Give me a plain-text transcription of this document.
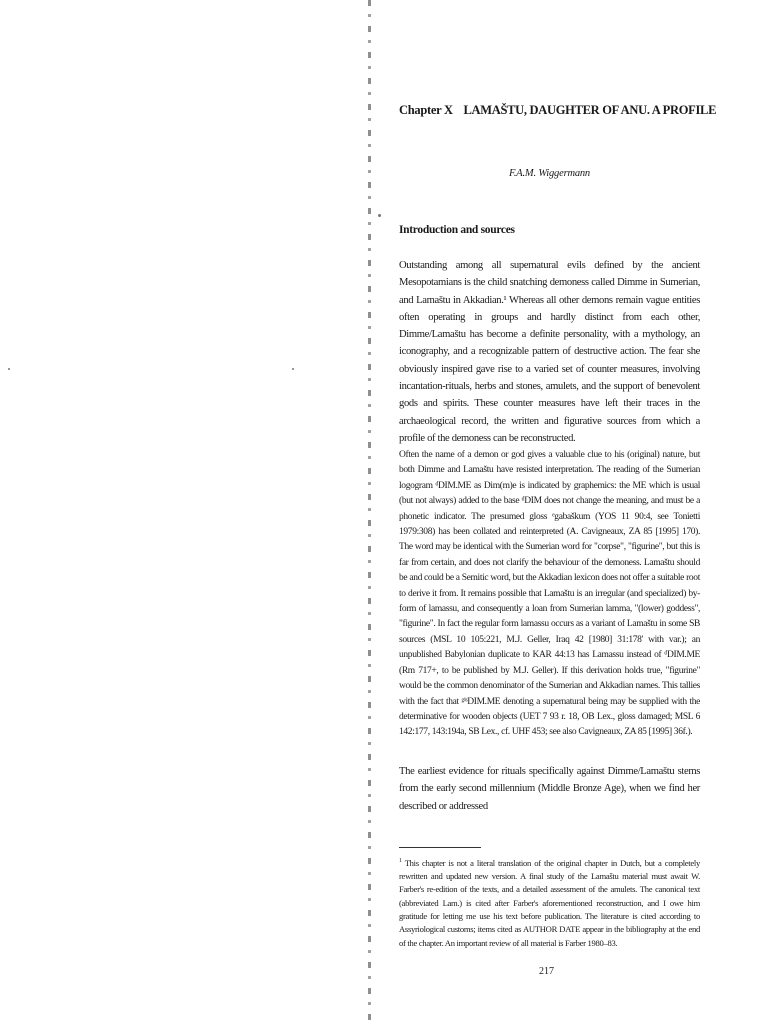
Chapter X LAMAŠTU, DAUGHTER OF ANU. A PROFILE
F.A.M. Wiggermann
Introduction and sources

Outstanding among all supernatural evils defined by the ancient Mesopotamians is the child snatching demoness called Dimme in Sumerian, and Lamaštu in Akkadian.¹ Whereas all other demons remain vague entities often operating in groups and hardly distinct from each other, Dimme/Lamaštu has become a definite personality, with a mythology, an iconography, and a recognizable pattern of destructive action. The fear she obviously inspired gave rise to a varied set of counter measures, involving incantation-rituals, herbs and stones, amulets, and the support of benevolent gods and spirits. These counter measures have left their traces in the archaeological record, the written and figurative sources from which a profile of the demoness can be reconstructed.

Often the name of a demon or god gives a valuable clue to his (original) nature, but both Dimme and Lamaštu have resisted interpretation. The reading of the Sumerian logogram ᵈDIM.ME as Dim(m)e is indicated by graphemics: the ME which is usual (but not always) added to the base ᵈDIM does not change the meaning, and must be a phonetic indicator. The presumed gloss ᵉgabaškum (YOS 11 90:4, see Tonietti 1979:308) has been collated and reinterpreted (A. Cavigneaux, ZA 85 [1995] 170). The word may be identical with the Sumerian word for "corpse", "figurine", but this is far from certain, and does not clarify the behaviour of the demoness. Lamaštu should be and could be a Semitic word, but the Akkadian lexicon does not offer a suitable root to derive it from. It remains possible that Lamaštu is an irregular (and specialized) by-form of lamassu, and consequently a loan from Sumerian lamma, "(lower) goddess", "figurine". In fact the regular form lamassu occurs as a variant of Lamaštu in some SB sources (MSL 10 105:221, M.J. Geller, Iraq 42 [1980] 31:178' with var.); an unpublished Babylonian duplicate to KAR 44:13 has Lamassu instead of ᵈDIM.ME (Rm 717+, to be published by M.J. Geller). If this derivation holds true, "figurine" would be the common denominator of the Sumerian and Akkadian names. This tallies with the fact that ᵍⁱˢDIM.ME denoting a supernatural being may be supplied with the determinative for wooden objects (UET 7 93 r. 18, OB Lex., gloss damaged; MSL 6 142:177, 143:194a, SB Lex., cf. UHF 453; see also Cavigneaux, ZA 85 [1995] 36f.).

The earliest evidence for rituals specifically against Dimme/Lamaštu stems from the early second millennium (Middle Bronze Age), when we find her described or addressed

$^1$ This chapter is not a literal translation of the original chapter in Dutch, but a completely rewritten and updated new version. A final study of the Lamaštu material must await W. Farber's re-edition of the texts, and a detailed assessment of the amulets. The canonical text (abbreviated Lam.) is cited after Farber's aforementioned reconstruction, and I owe him gratitude for letting me use his text before publication. The literature is cited according to Assyriological customs; items cited as AUTHOR DATE appear in the bibliography at the end of the chapter. An important review of all material is Farber 1980–83.

217
